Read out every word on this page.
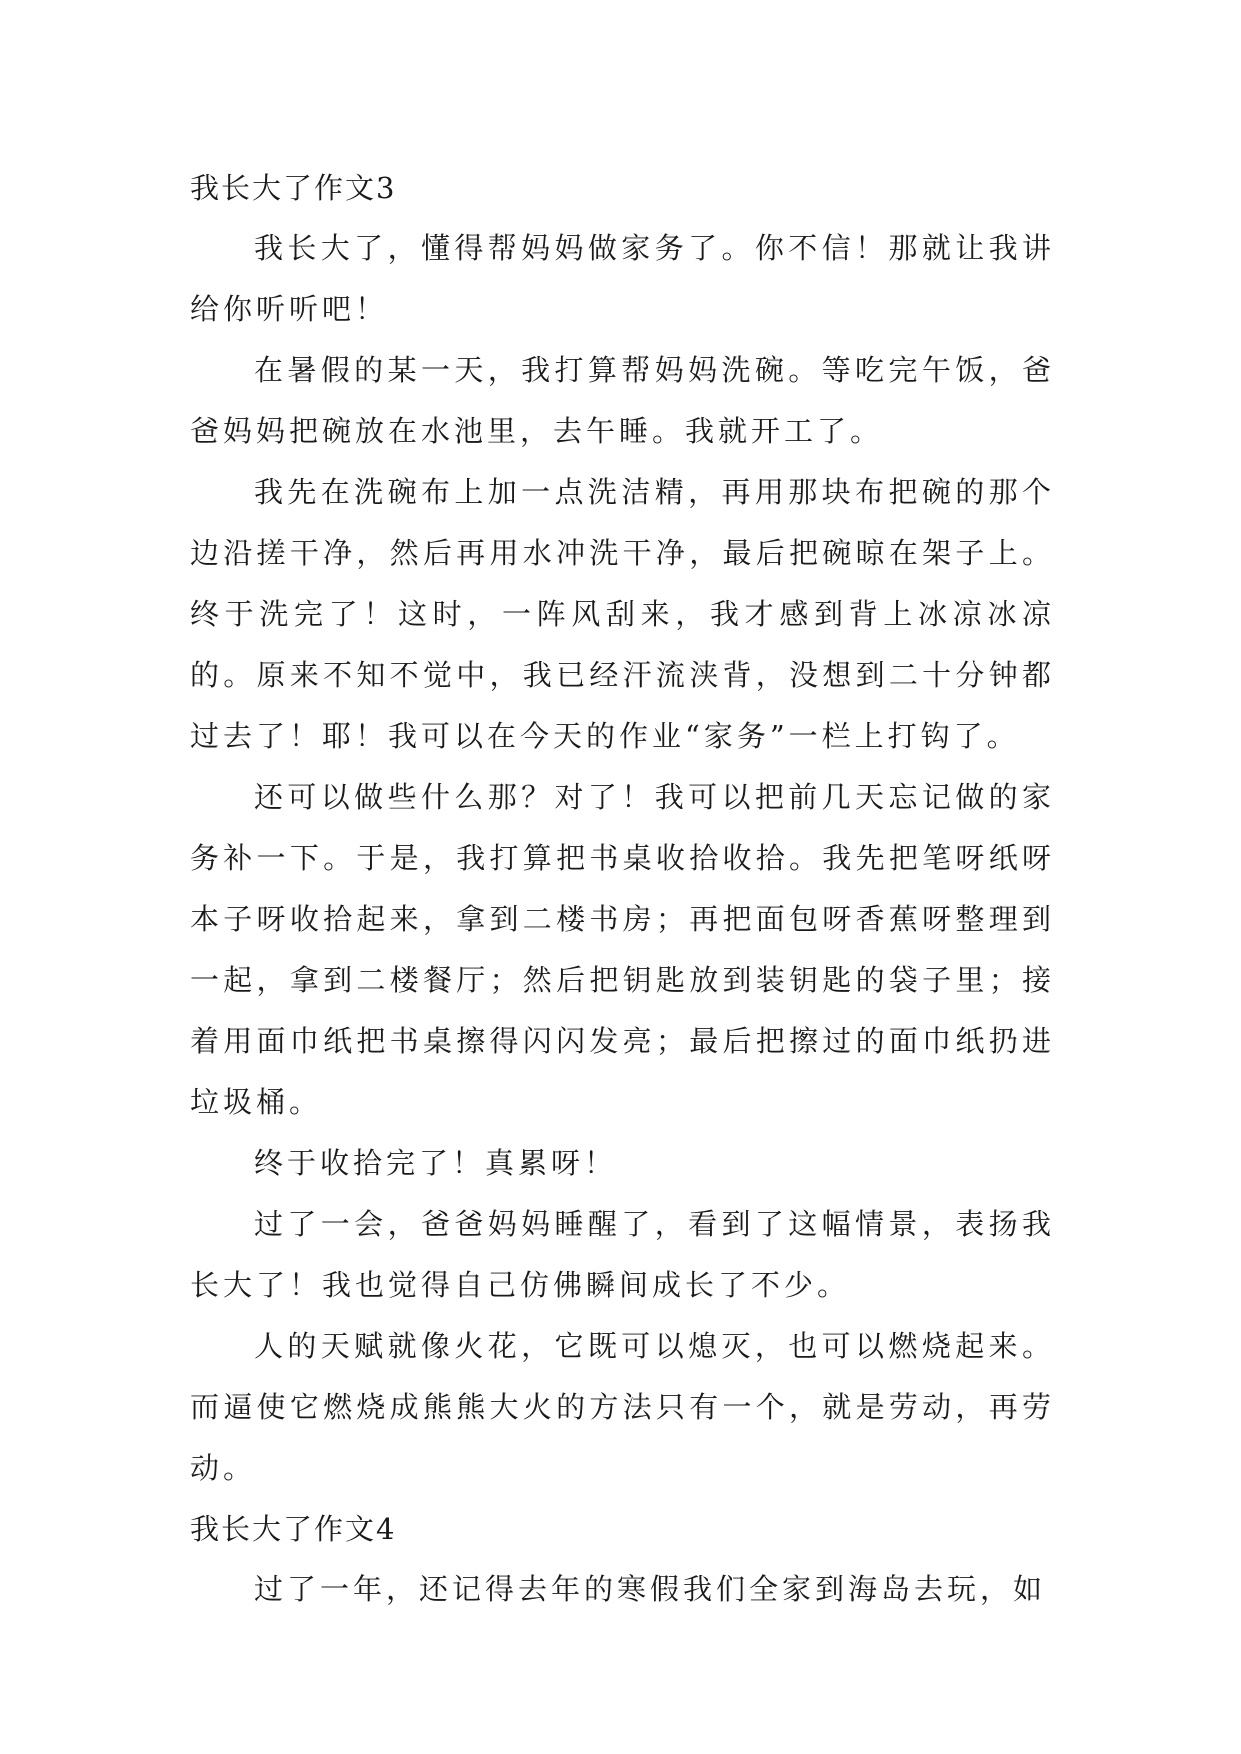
我长大了作文3

我长大了，懂得帮妈妈做家务了。你不信！那就让我讲给你听听吧！

在暑假的某一天，我打算帮妈妈洗碗。等吃完午饭，爸爸妈妈把碗放在水池里，去午睡。我就开工了。

我先在洗碗布上加一点洗洁精，再用那块布把碗的那个边沿搓干净，然后再用水冲洗干净，最后把碗晾在架子上。终于洗完了！这时，一阵风刮来，我才感到背上冰凉冰凉的。原来不知不觉中，我已经汗流浃背，没想到二十分钟都过去了！耶！我可以在今天的作业“家务”一栏上打钩了。

还可以做些什么那？对了！我可以把前几天忘记做的家务补一下。于是，我打算把书桌收拾收拾。我先把笔呀纸呀本子呀收拾起来，拿到二楼书房；再把面包呀香蕉呀整理到一起，拿到二楼餐厅；然后把钥匙放到装钥匙的袋子里；接着用面巾纸把书桌擦得闪闪发亮；最后把擦过的面巾纸扔进垃圾桶。

终于收拾完了！真累呀！

过了一会，爸爸妈妈睡醒了，看到了这幅情景，表扬我长大了！我也觉得自己仿佛瞬间成长了不少。

人的天赋就像火花，它既可以熄灭，也可以燃烧起来。而逼使它燃烧成熊熊大火的方法只有一个，就是劳动，再劳动。

我长大了作文4

过了一年，还记得去年的寒假我们全家到海岛去玩，如
